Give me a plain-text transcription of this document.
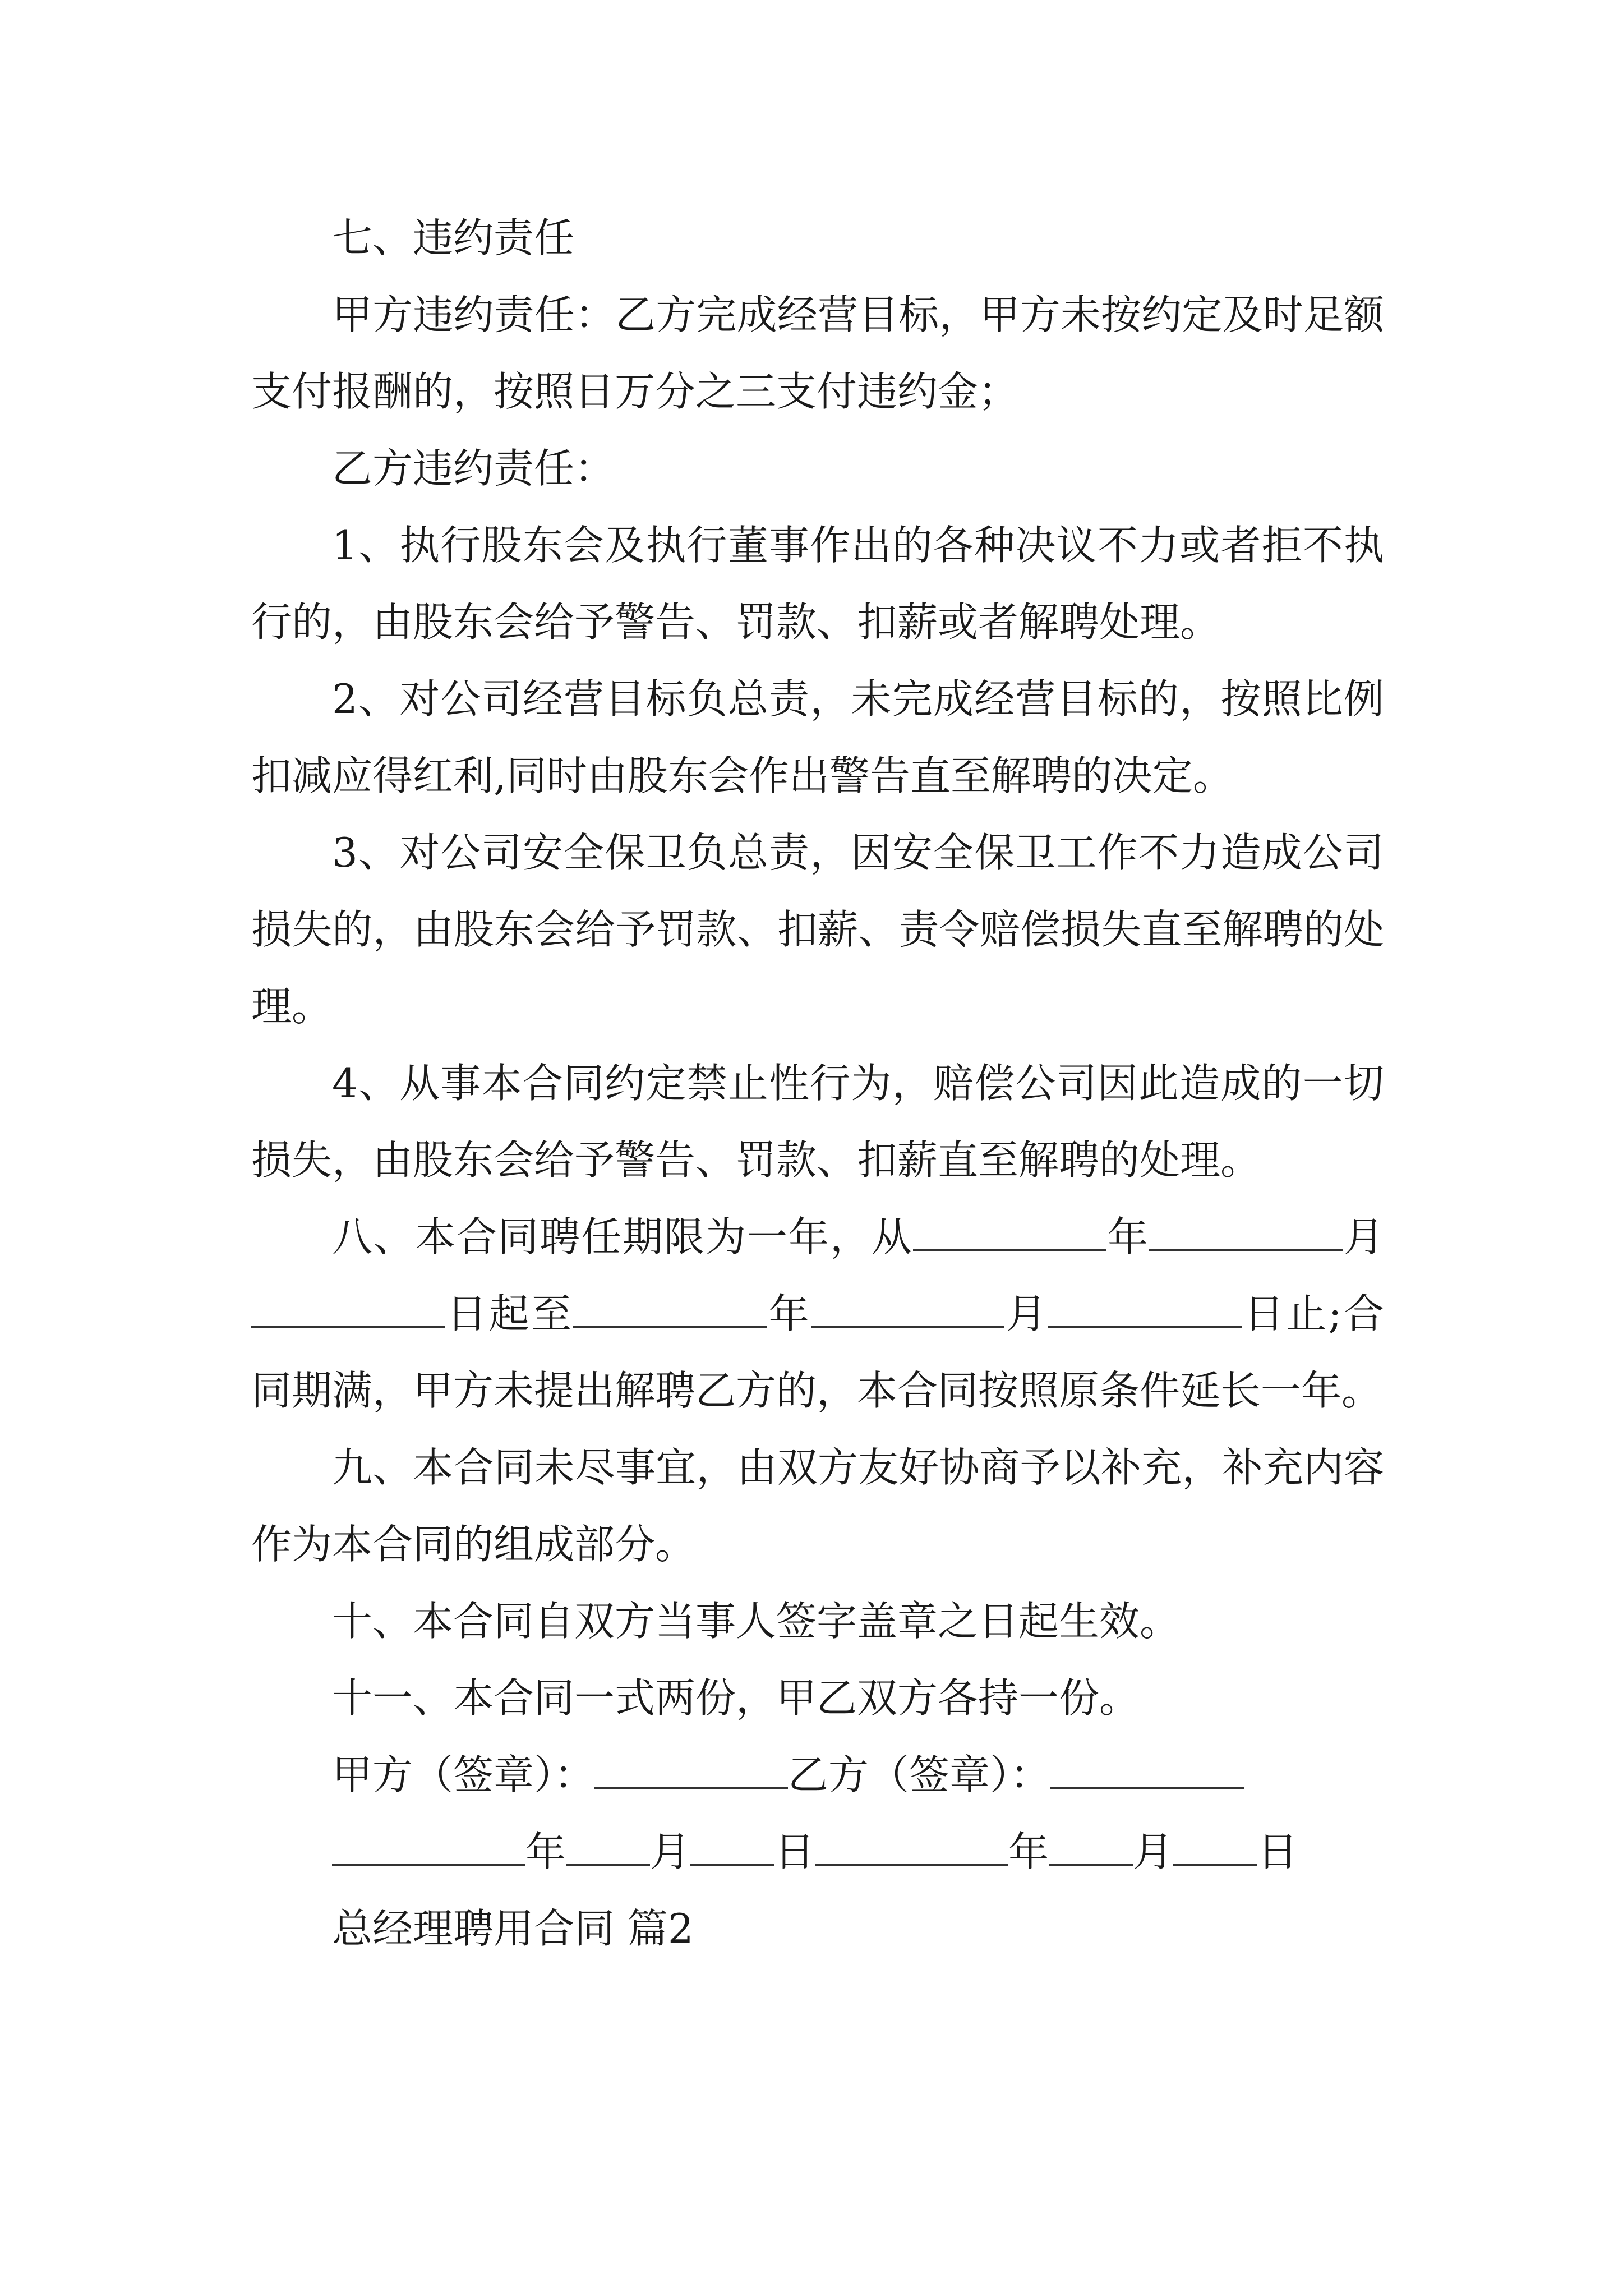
七、违约责任

甲方违约责任：乙方完成经营目标，甲方未按约定及时足额支付报酬的，按照日万分之三支付违约金；

乙方违约责任：

1、执行股东会及执行董事作出的各种决议不力或者拒不执行的，由股东会给予警告、罚款、扣薪或者解聘处理。

2、对公司经营目标负总责，未完成经营目标的，按照比例扣减应得红利,同时由股东会作出警告直至解聘的决定。

3、对公司安全保卫负总责，因安全保卫工作不力造成公司损失的，由股东会给予罚款、扣薪、责令赔偿损失直至解聘的处理。

4、从事本合同约定禁止性行为，赔偿公司因此造成的一切损失，由股东会给予警告、罚款、扣薪直至解聘的处理。

八、本合同聘任期限为一年，从	年	月日起至	年	月	日止;合同期满，甲方未提出解聘乙方的，本合同按照原条件延长一年。

九、本合同未尽事宜，由双方友好协商予以补充，补充内容作为本合同的组成部分。

十、本合同自双方当事人签字盖章之日起生效。

十一、本合同一式两份，甲乙双方各持一份。

甲方（签章）：	乙方（签章）：

年 月 日	年 月 日

总经理聘用合同 篇2
